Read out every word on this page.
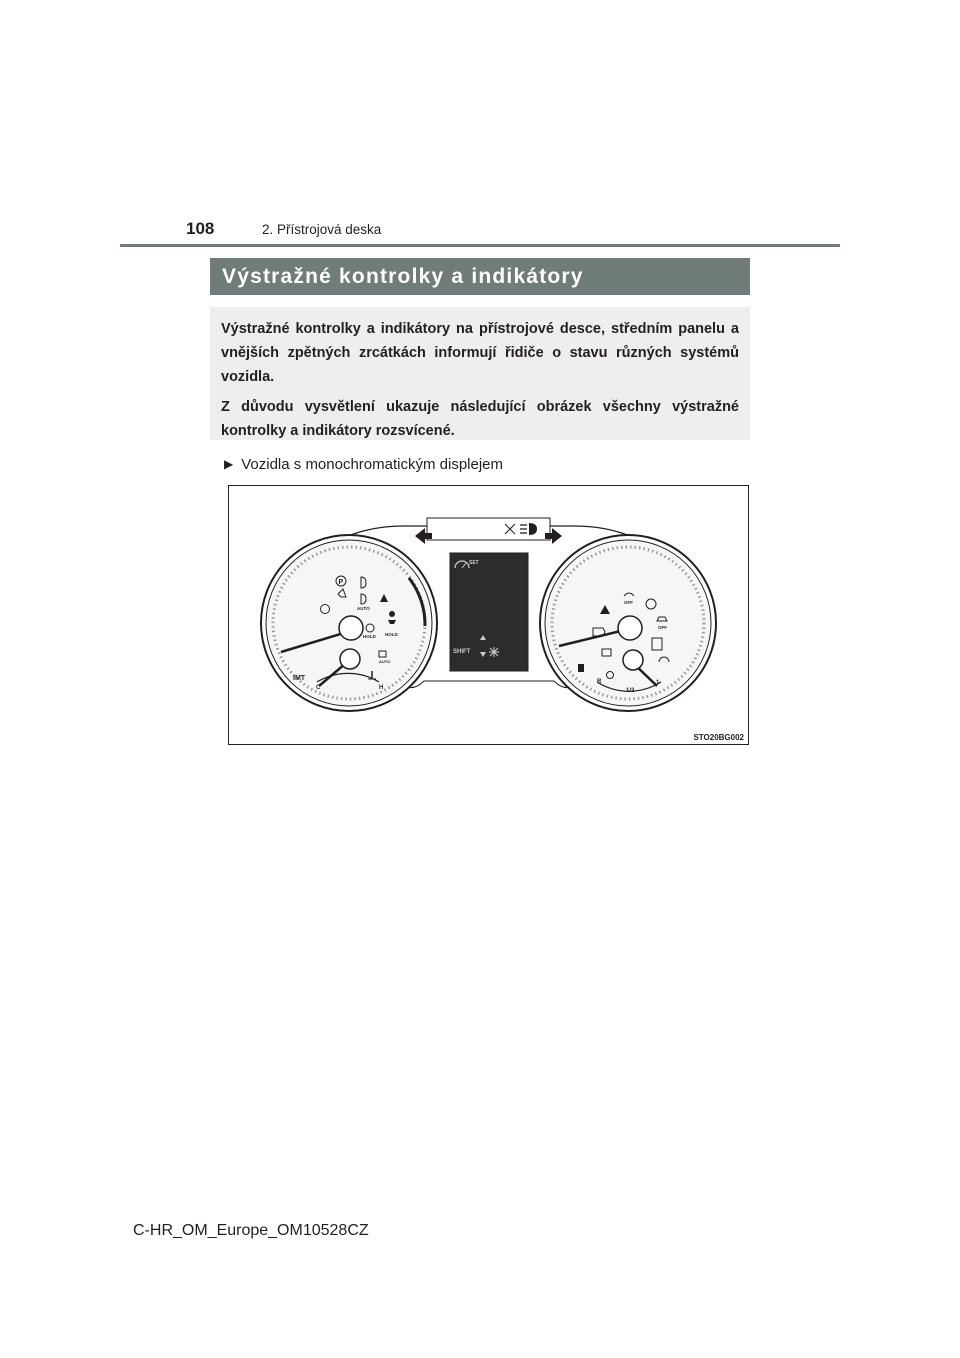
108	2. Přístrojová deska
Výstražné kontrolky a indikátory

Výstražné kontrolky a indikátory na přístrojové desce, středním panelu a vnějších zpětných zrcátkách informují řidiče o stavu různých systémů vozidla.

Z důvodu vysvětlení ukazuje následující obrázek všechny výstražné kontrolky a indikátory rozsvícené.

▶ Vozidla s monochromatickým displejem
P
AUTO
HOLD HOLD
AUTO
IMT
C	H
SET
SHIFT
OFF
OFF
R
1/2
1
STO20BG002
C-HR_OM_Europe_OM10528CZ
